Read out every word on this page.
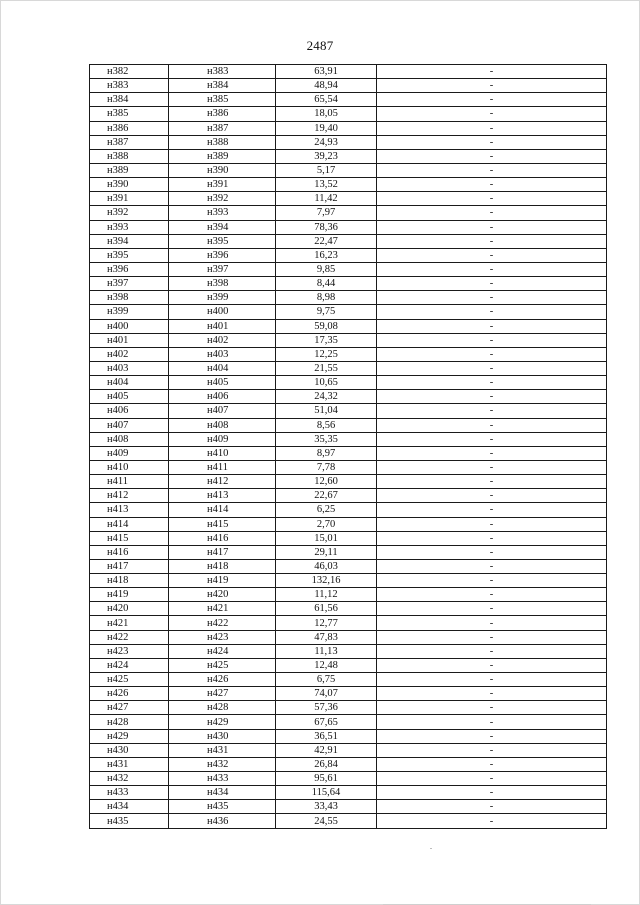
2487
н382	н383	63,91	-
н383	н384	48,94	-
н384	н385	65,54	-
н385	н386	18,05	-
н386	н387	19,40	-
н387	н388	24,93	-
н388	н389	39,23	-
н389	н390	5,17	-
н390	н391	13,52	-
н391	н392	11,42	-
н392	н393	7,97	-
н393	н394	78,36	-
н394	н395	22,47	-
н395	н396	16,23	-
н396	н397	9,85	-
н397	н398	8,44	-
н398	н399	8,98	-
н399	н400	9,75	-
н400	н401	59,08	-
н401	н402	17,35	-
н402	н403	12,25	-
н403	н404	21,55	-
н404	н405	10,65	-
н405	н406	24,32	-
н406	н407	51,04	-
н407	н408	8,56	-
н408	н409	35,35	-
н409	н410	8,97	-
н410	н411	7,78	-
н411	н412	12,60	-
н412	н413	22,67	-
н413	н414	6,25	-
н414	н415	2,70	-
н415	н416	15,01	-
н416	н417	29,11	-
н417	н418	46,03	-
н418	н419	132,16	-
н419	н420	11,12	-
н420	н421	61,56	-
н421	н422	12,77	-
н422	н423	47,83	-
н423	н424	11,13	-
н424	н425	12,48	-
н425	н426	6,75	-
н426	н427	74,07	-
н427	н428	57,36	-
н428	н429	67,65	-
н429	н430	36,51	-
н430	н431	42,91	-
н431	н432	26,84	-
н432	н433	95,61	-
н433	н434	115,64	-
н434	н435	33,43	-
н435	н436	24,55	-
